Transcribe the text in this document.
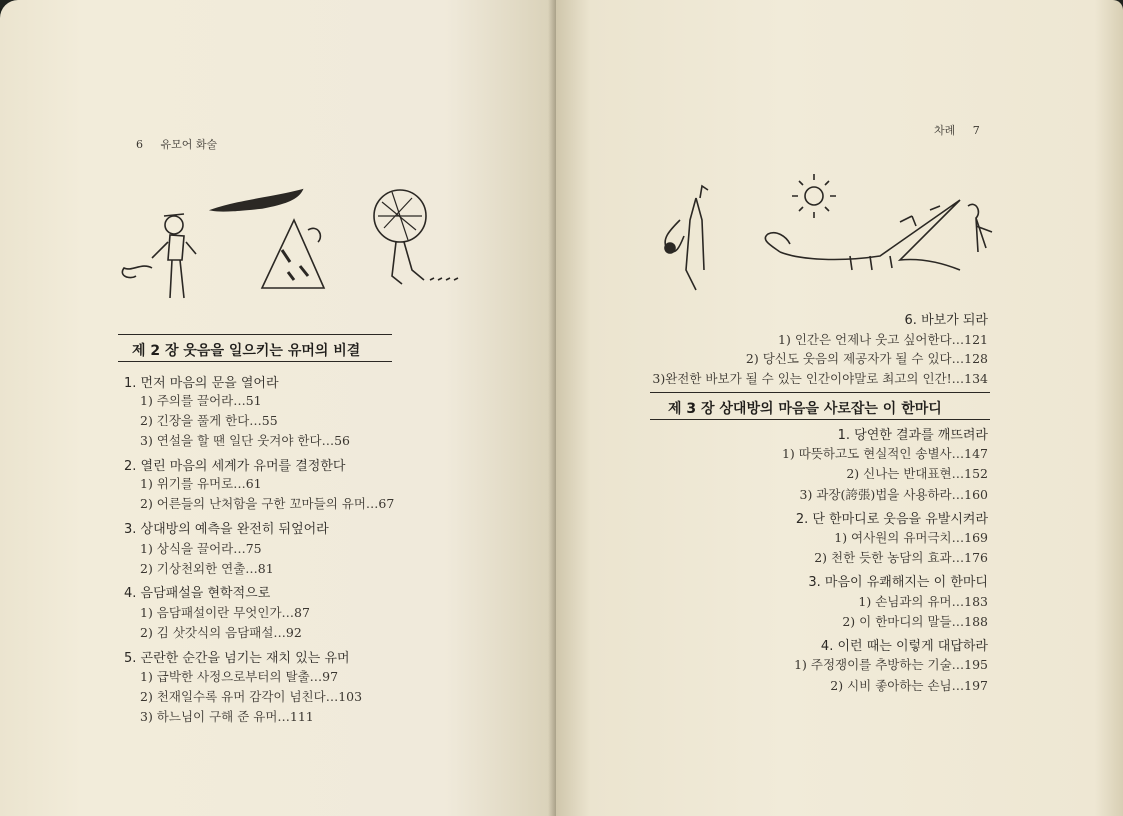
6 유모어 화술
제 2 장 웃음을 일으키는 유머의 비결
1. 먼저 마음의 문을 열어라
1) 주의를 끌어라…51
2) 긴장을 풀게 한다…55
3) 연설을 할 땐 일단 웃겨야 한다…56
2. 열린 마음의 세계가 유머를 결정한다
1) 위기를 유머로…61
2) 어른들의 난처함을 구한 꼬마들의 유머…67
3. 상대방의 예측을 완전히 뒤엎어라
1) 상식을 끌어라…75
2) 기상천외한 연출…81
4. 음담패설을 현학적으로
1) 음담패설이란 무엇인가…87
2) 김 삿갓식의 음담패설…92
5. 곤란한 순간을 넘기는 재치 있는 유머
1) 급박한 사정으로부터의 탈출…97
2) 천재일수록 유머 감각이 넘친다…103
3) 하느님이 구해 준 유머…111
차례 7
6. 바보가 되라
1) 인간은 언제나 웃고 싶어한다…121
2) 당신도 웃음의 제공자가 될 수 있다…128
3)완전한 바보가 될 수 있는 인간이야말로 최고의 인간!…134
제 3 장 상대방의 마음을 사로잡는 이 한마디
1. 당연한 결과를 깨뜨려라
1) 따뜻하고도 현실적인 송별사…147
2) 신나는 반대표현…152
3) 과장(誇張)법을 사용하라…160
2. 단 한마디로 웃음을 유발시켜라
1) 여사원의 유머극치…169
2) 천한 듯한 농담의 효과…176
3. 마음이 유쾌해지는 이 한마디
1) 손님과의 유머…183
2) 이 한마디의 말들…188
4. 이런 때는 이렇게 대답하라
1) 주정쟁이를 추방하는 기술…195
2) 시비 좋아하는 손님…197
